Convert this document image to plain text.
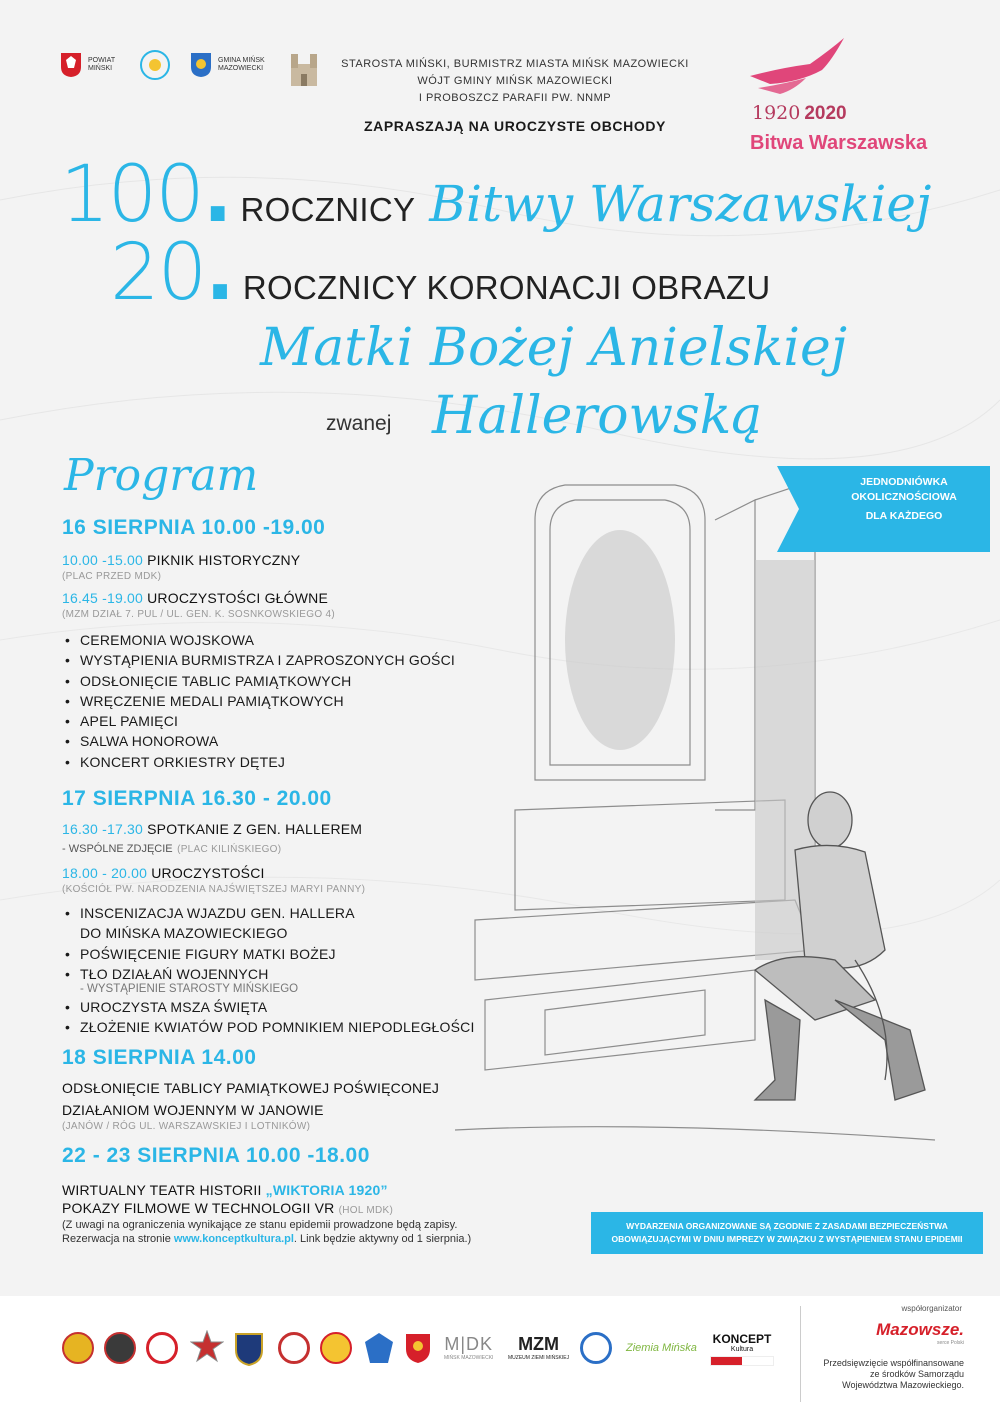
POWIAT MIŃSKI
GMINA MIŃSK MAZOWIECKI	STAROSTA MIŃSKI, BURMISTRZ MIASTA MIŃSK MAZOWIECKI
WÓJT GMINY MIŃSK MAZOWIECKI
I PROBOSZCZ PARAFII PW. NNMP
ZAPRASZAJĄ NA UROCZYSTE OBCHODY
1920 2020
Bitwa Warszawska
100 . ROCZNICY Bitwy Warszawskiej
20 . ROCZNICY KORONACJI OBRAZU
Matki Bożej Anielskiej
zwanej Hallerowską
Program	JEDNODNIÓWKA
OKOLICZNOŚCIOWA
DLA KAŻDEGO
16 SIERPNIA 10.00 -19.00
10.00 -15.00 PIKNIK HISTORYCZNY
(PLAC PRZED MDK)
16.45 -19.00 UROCZYSTOŚCI GŁÓWNE
(MZM DZIAŁ 7. PUL / UL. GEN. K. SOSNKOWSKIEGO 4)
• CEREMONIA WOJSKOWA
• WYSTĄPIENIA BURMISTRZA I ZAPROSZONYCH GOŚCI
• ODSŁONIĘCIE TABLIC PAMIĄTKOWYCH
• WRĘCZENIE MEDALI PAMIĄTKOWYCH
• APEL PAMIĘCI
• SALWA HONOROWA
• KONCERT ORKIESTRY DĘTEJ
17 SIERPNIA 16.30 - 20.00
16.30 -17.30 SPOTKANIE Z GEN. HALLEREM
- WSPÓLNE ZDJĘCIE (PLAC KILIŃSKIEGO)
18.00 - 20.00 UROCZYSTOŚCI
(KOŚCIÓŁ PW. NARODZENIA NAJŚWIĘTSZEJ MARYI PANNY)
• INSCENIZACJA WJAZDU GEN. HALLERA
DO MIŃSKA MAZOWIECKIEGO
• POŚWIĘCENIE FIGURY MATKI BOŻEJ
• TŁO DZIAŁAŃ WOJENNYCH
- WYSTĄPIENIE STAROSTY MIŃSKIEGO
• UROCZYSTA MSZA ŚWIĘTA
• ZŁOŻENIE KWIATÓW POD POMNIKIEM NIEPODLEGŁOŚCI
18 SIERPNIA 14.00
ODSŁONIĘCIE TABLICY PAMIĄTKOWEJ POŚWIĘCONEJ
DZIAŁANIOM WOJENNYM W JANOWIE
(JANÓW / RÓG UL. WARSZAWSKIEJ I LOTNIKÓW)
22 - 23 SIERPNIA 10.00 -18.00
WIRTUALNY TEATR HISTORII „WIKTORIA 1920”
POKAZY FILMOWE W TECHNOLOGII VR (HOL MDK)
(Z uwagi na ograniczenia wynikające ze stanu epidemii prowadzone będą zapisy.
Rezerwacja na stronie www.konceptkultura.pl. Link będzie aktywny od 1 sierpnia.)
WYDARZENIA ORGANIZOWANE SĄ ZGODNIE Z ZASADAMI BEZPIECZEŃSTWA
OBOWIĄZUJĄCYMI W DNIU IMPREZY W ZWIĄZKU Z WYSTĄPIENIEM STANU EPIDEMII
M|DK
MIŃSK MAZOWIECKI
MZM
MUZEUM ZIEMI MIŃSKIEJ
Ziemia Mińska
KONCEPT
Kultura
współorganizator
Mazowsze.
serce Polski
Przedsięwzięcie współfinansowane
ze środków Samorządu
Województwa Mazowieckiego.
